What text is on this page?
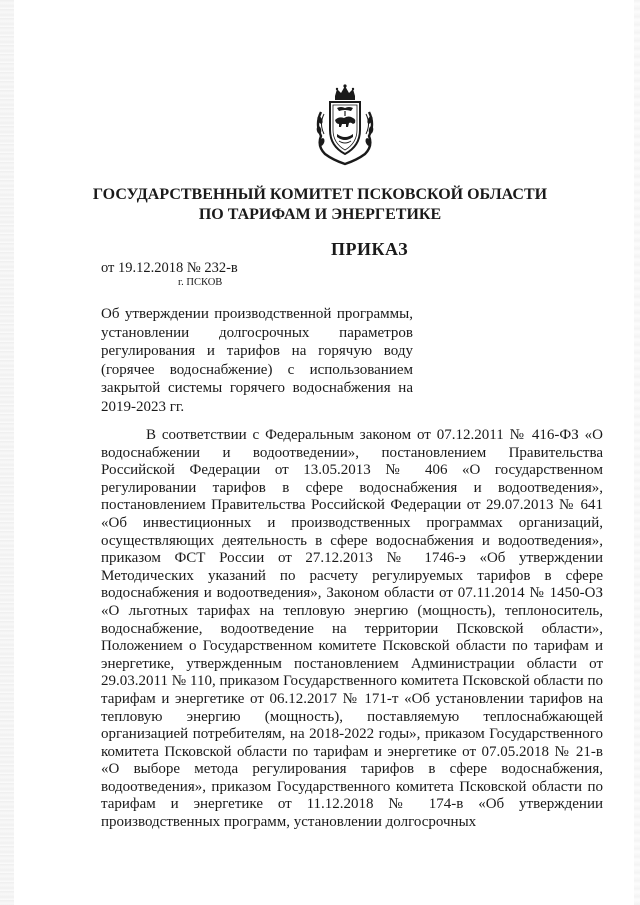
ГОСУДАРСТВЕННЫЙ КОМИТЕТ ПСКОВСКОЙ ОБЛАСТИ
ПО ТАРИФАМ И ЭНЕРГЕТИКЕ
ПРИКАЗ
от 19.12.2018 № 232-в
г. ПСКОВ
Об утверждении производственной программы, установлении долгосрочных параметров регулирования и тарифов на горячую воду (горячее водоснабжение) с использованием закрытой системы горячего водоснабжения на 2019-2023 гг.

В соответствии с Федеральным законом от 07.12.2011 № 416-ФЗ «О водоснабжении и водоотведении», постановлением Правительства Российской Федерации от 13.05.2013 № 406 «О государственном регулировании тарифов в сфере водоснабжения и водоотведения», постановлением Правительства Российской Федерации от 29.07.2013 № 641 «Об инвестиционных и производственных программах организаций, осуществляющих деятельность в сфере водоснабжения и водоотведения», приказом ФСТ России от 27.12.2013 № 1746-э «Об утверждении Методических указаний по расчету регулируемых тарифов в сфере водоснабжения и водоотведения», Законом области от 07.11.2014 № 1450-ОЗ «О льготных тарифах на тепловую энергию (мощность), теплоноситель, водоснабжение, водоотведение на территории Псковской области», Положением о Государственном комитете Псковской области по тарифам и энергетике, утвержденным постановлением Администрации области от 29.03.2011 № 110, приказом Государственного комитета Псковской области по тарифам и энергетике от 06.12.2017 № 171-т «Об установлении тарифов на тепловую энергию (мощность), поставляемую теплоснабжающей организацией потребителям, на 2018-2022 годы», приказом Государственного комитета Псковской области по тарифам и энергетике от 07.05.2018 № 21-в «О выборе метода регулирования тарифов в сфере водоснабжения, водоотведения», приказом Государственного комитета Псковской области по тарифам и энергетике от 11.12.2018 № 174-в «Об утверждении производственных программ, установлении долгосрочных
